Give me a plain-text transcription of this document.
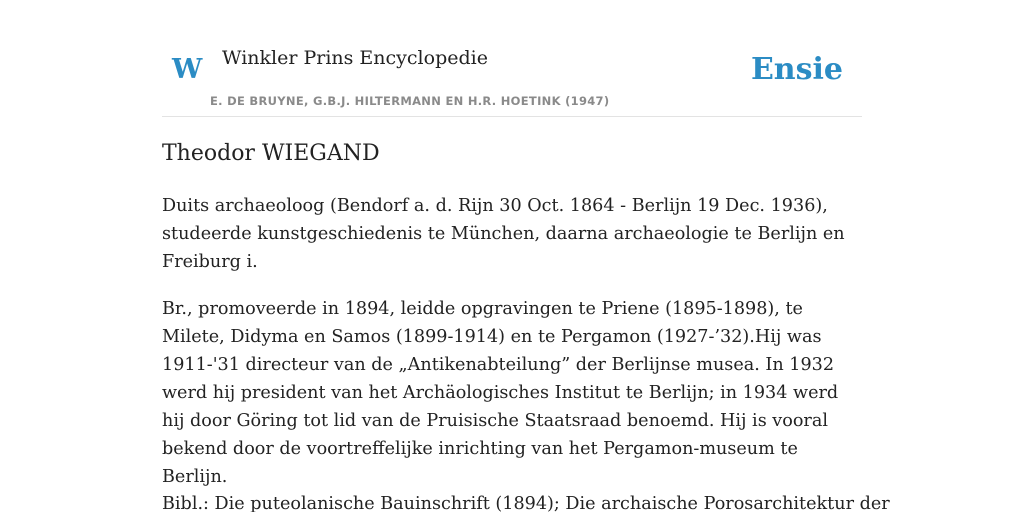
W Winkler Prins Encyclopedie
E. DE BRUYNE, G.B.J. HILTERMANN EN H.R. HOETINK (1947)
Ensie
Theodor WIEGAND

Duits archaeoloog (Bendorf a. d. Rijn 30 Oct. 1864 - Berlijn 19 Dec. 1936), studeerde kunstgeschiedenis te München, daarna archaeologie te Berlijn en Freiburg i.

Br., promoveerde in 1894, leidde opgravingen te Priene (1895-1898), te Milete, Didyma en Samos (1899-1914) en te Pergamon (1927-’32).Hij was 1911-'31 directeur van de „Antikenabteilung” der Berlijnse musea. In 1932 werd hij president van het Archäologisches Institut te Berlijn; in 1934 werd hij door Göring tot lid van de Pruisische Staatsraad benoemd. Hij is vooral bekend door de voortreffelijke inrichting van het Pergamon-museum te Berlijn.

Bibl.: Die puteolanische Bauinschrift (1894); Die archaische Porosarchitektur der
